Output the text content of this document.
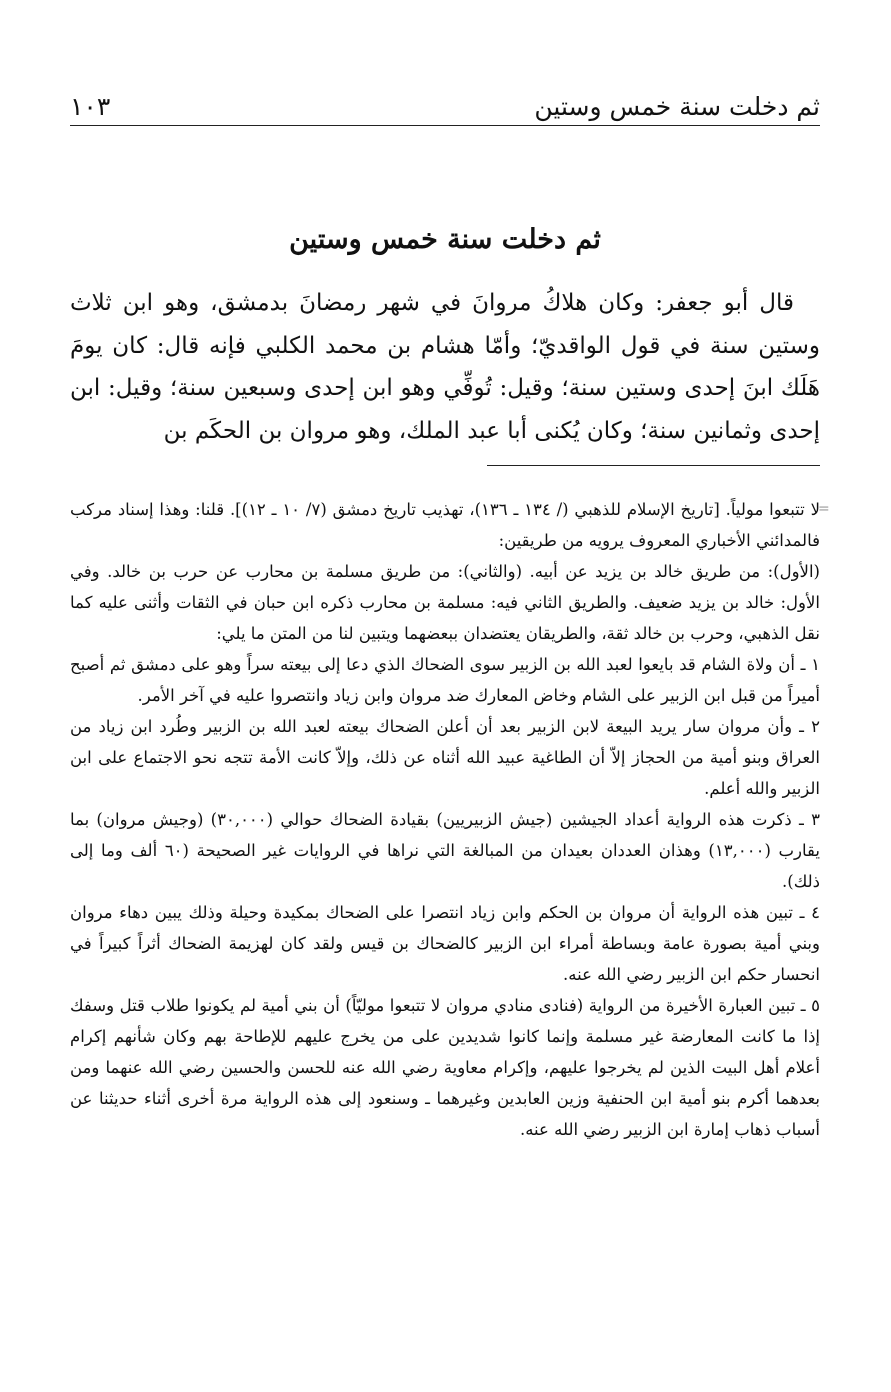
ثم دخلت سنة خمس وستين
١٠٣
ثم دخلت سنة خمس وستين

قال أبو جعفر: وكان هلاكُ مروانَ في شهر رمضانَ بدمشق، وهو ابن ثلاث وستين سنة في قول الواقديّ؛ وأمّا هشام بن محمد الكلبي فإنه قال: كان يومَ هَلَك ابنَ إحدى وستين سنة؛ وقيل: تُوفِّي وهو ابن إحدى وسبعين سنة؛ وقيل: ابن إحدى وثمانين سنة؛ وكان يُكنى أبا عبد الملك، وهو مروان بن الحكَم بن

=

لا تتبعوا مولياً. [تاريخ الإسلام للذهبي (/ ١٣٤ ـ ١٣٦)، تهذيب تاريخ دمشق (٧/ ١٠ ـ ١٢)]. قلنا: وهذا إسناد مركب فالمدائني الأخباري المعروف يرويه من طريقين:

(الأول): من طريق خالد بن يزيد عن أبيه. (والثاني): من طريق مسلمة بن محارب عن حرب بن خالد. وفي الأول: خالد بن يزيد ضعيف. والطريق الثاني فيه: مسلمة بن محارب ذكره ابن حبان في الثقات وأثنى عليه كما نقل الذهبي، وحرب بن خالد ثقة، والطريقان يعتضدان ببعضهما ويتبين لنا من المتن ما يلي:

١ ـ أن ولاة الشام قد بايعوا لعبد الله بن الزبير سوى الضحاك الذي دعا إلى بيعته سراً وهو على دمشق ثم أصبح أميراً من قبل ابن الزبير على الشام وخاض المعارك ضد مروان وابن زياد وانتصروا عليه في آخر الأمر.

٢ ـ وأن مروان سار يريد البيعة لابن الزبير بعد أن أعلن الضحاك بيعته لعبد الله بن الزبير وطُرد ابن زياد من العراق وبنو أمية من الحجاز إلاّ أن الطاغية عبيد الله أثناه عن ذلك، وإلاّ كانت الأمة تتجه نحو الاجتماع على ابن الزبير والله أعلم.

٣ ـ ذكرت هذه الرواية أعداد الجيشين (جيش الزبيريين) بقيادة الضحاك حوالي (٣٠,٠٠٠) (وجيش مروان) بما يقارب (١٣,٠٠٠) وهذان العددان بعيدان من المبالغة التي نراها في الروايات غير الصحيحة (٦٠ ألف وما إلى ذلك).

٤ ـ تبين هذه الرواية أن مروان بن الحكم وابن زياد انتصرا على الضحاك بمكيدة وحيلة وذلك يبين دهاء مروان وبني أمية بصورة عامة وبساطة أمراء ابن الزبير كالضحاك بن قيس ولقد كان لهزيمة الضحاك أثراً كبيراً في انحسار حكم ابن الزبير رضي الله عنه.

٥ ـ تبين العبارة الأخيرة من الرواية (فنادى منادي مروان لا تتبعوا موليّاً) أن بني أمية لم يكونوا طلاب قتل وسفك إذا ما كانت المعارضة غير مسلمة وإنما كانوا شديدين على من يخرج عليهم للإطاحة بهم وكان شأنهم إكرام أعلام أهل البيت الذين لم يخرجوا عليهم، وإكرام معاوية رضي الله عنه للحسن والحسين رضي الله عنهما ومن بعدهما أكرم بنو أمية ابن الحنفية وزين العابدين وغيرهما ـ وسنعود إلى هذه الرواية مرة أخرى أثناء حديثنا عن أسباب ذهاب إمارة ابن الزبير رضي الله عنه.
